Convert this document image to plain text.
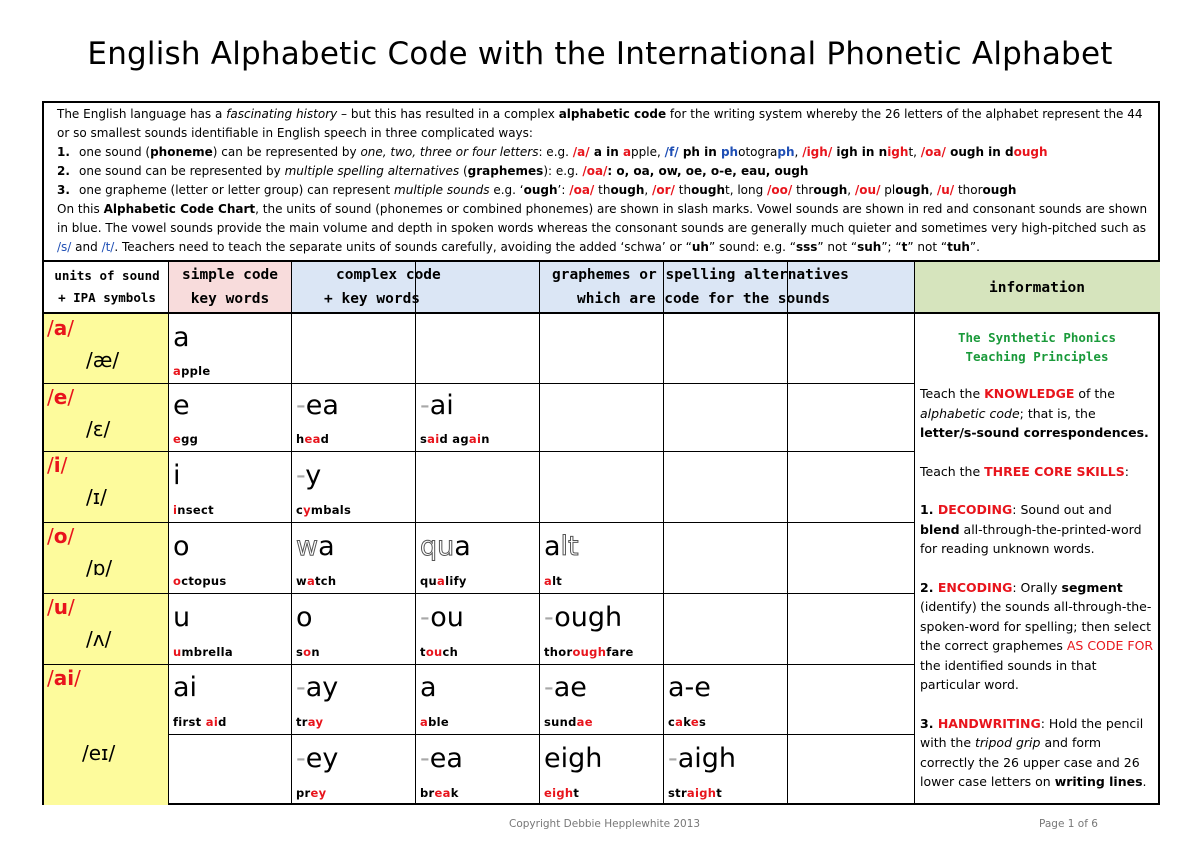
English Alphabetic Code with the International Phonetic Alphabet
The English language has a fascinating history – but this has resulted in a complex alphabetic code for the writing system whereby the 26 letters of the alphabet represent the 44 or so smallest sounds identifiable in English speech in three complicated ways:
1. one sound (phoneme) can be represented by one, two, three or four letters: e.g. /a/ a in apple, /f/ ph in photograph, /igh/ igh in night, /oa/ ough in dough
2. one sound can be represented by multiple spelling alternatives (graphemes): e.g. /oa/: o, oa, ow, oe, o-e, eau, ough
3. one grapheme (letter or letter group) can represent multiple sounds e.g. ‘ough’: /oa/ though, /or/ thought, long /oo/ through, /ou/ plough, /u/ thorough
On this Alphabetic Code Chart, the units of sound (phonemes or combined phonemes) are shown in slash marks. Vowel sounds are shown in red and consonant sounds are shown in blue. The vowel sounds provide the main volume and depth in spoken words whereas the consonant sounds are generally much quieter and sometimes very high-pitched such as /s/ and /t/. Teachers need to teach the separate units of sounds carefully, avoiding the added ‘schwa’ or “uh” sound: e.g. “sss” not “suh”; “t” not “tuh”.
units of sound
+ IPA symbols
simple code
key words
complex code
+ key words
graphemes or spelling alternatives
which are code for the sounds
information
/a/
/æ/
a
apple
/e/
/ɛ/
e
egg
-ea
head
-ai
said again
/i/
/ɪ/
i
insect
-y
cymbals
/o/
/ɒ/
o
octopus
wa
watch
qua
qualify
alt
alt
/u/
/ʌ/
u
umbrella
o
son
-ou
touch
-ough
thoroughfare
/ai/
/eɪ/
ai
first aid
-ay
tray
a
able
-ae
sundae
a-e
cakes
-ey
prey
-ea
break
eigh
eight
-aigh
straight
The Synthetic Phonics
Teaching Principles

Teach the KNOWLEDGE of the alphabetic code; that is, the letter/s-sound correspondences.

Teach the THREE CORE SKILLS:

1. DECODING: Sound out and blend all-through-the-printed-word for reading unknown words.

2. ENCODING: Orally segment (identify) the sounds all-through-the-spoken-word for spelling; then select the correct graphemes AS CODE FOR the identified sounds in that particular word.

3. HANDWRITING: Hold the pencil with the tripod grip and form correctly the 26 upper case and 26 lower case letters on writing lines.

Copyright Debbie Hepplewhite 2013	Page 1 of 6
